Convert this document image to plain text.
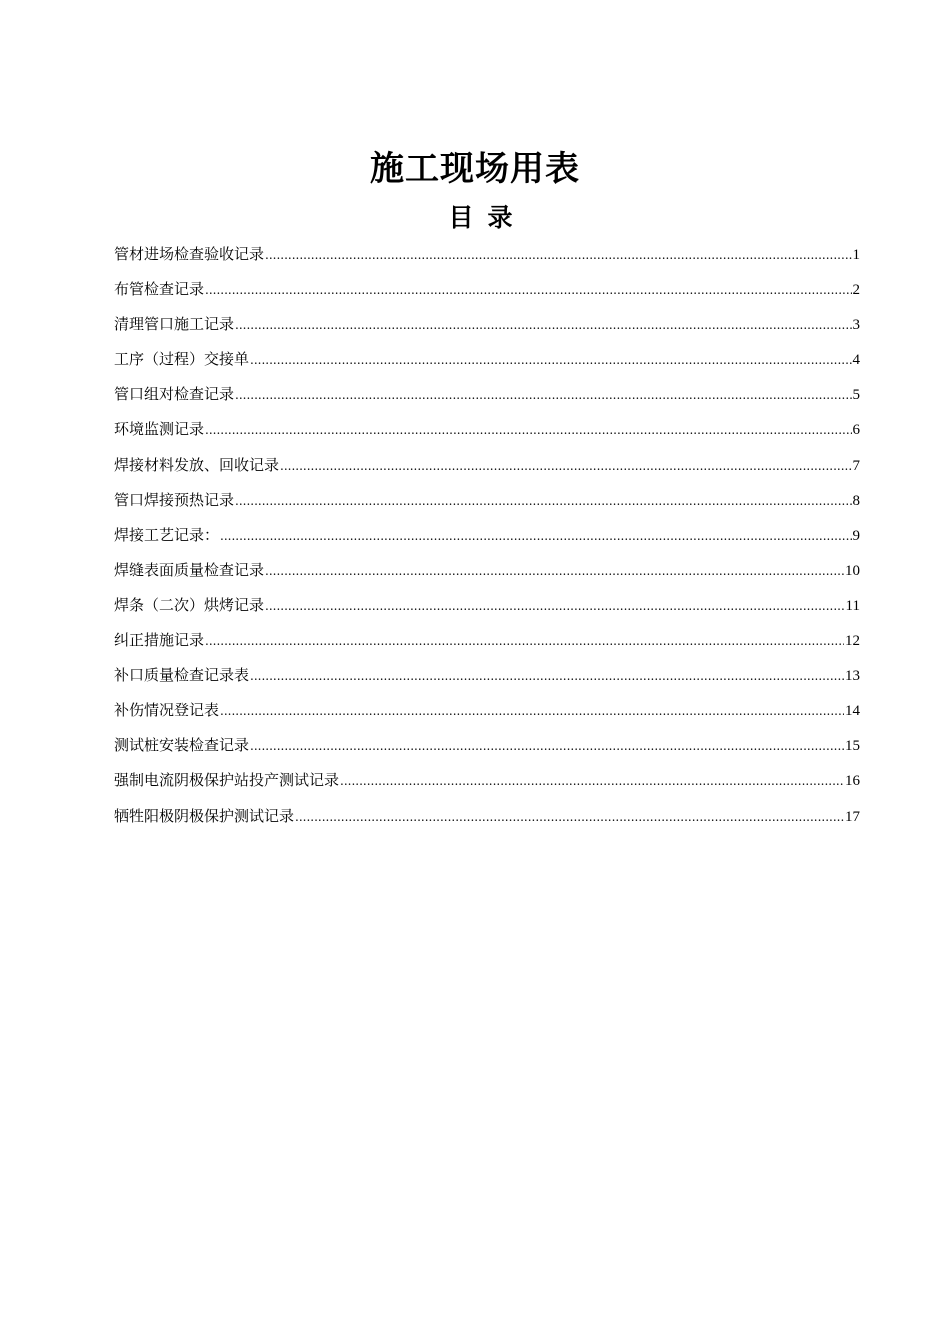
施工现场用表
目录
管材进场检查验收记录 .....	1
布管检查记录 .....	2
清理管口施工记录 .....	3
工序（过程）交接单 .....	4
管口组对检查记录 .....	5
环境监测记录 .....	6
焊接材料发放、回收记录 .....	7
管口焊接预热记录 .....	8
焊接工艺记录： .....	9
焊缝表面质量检查记录 .....	10
焊条（二次）烘烤记录 .....	11
纠正措施记录 .....	12
补口质量检查记录表 .....	13
补伤情况登记表 .....	14
测试桩安装检查记录 .....	15
强制电流阴极保护站投产测试记录 .....	16
牺牲阳极阴极保护测试记录 .....	17
